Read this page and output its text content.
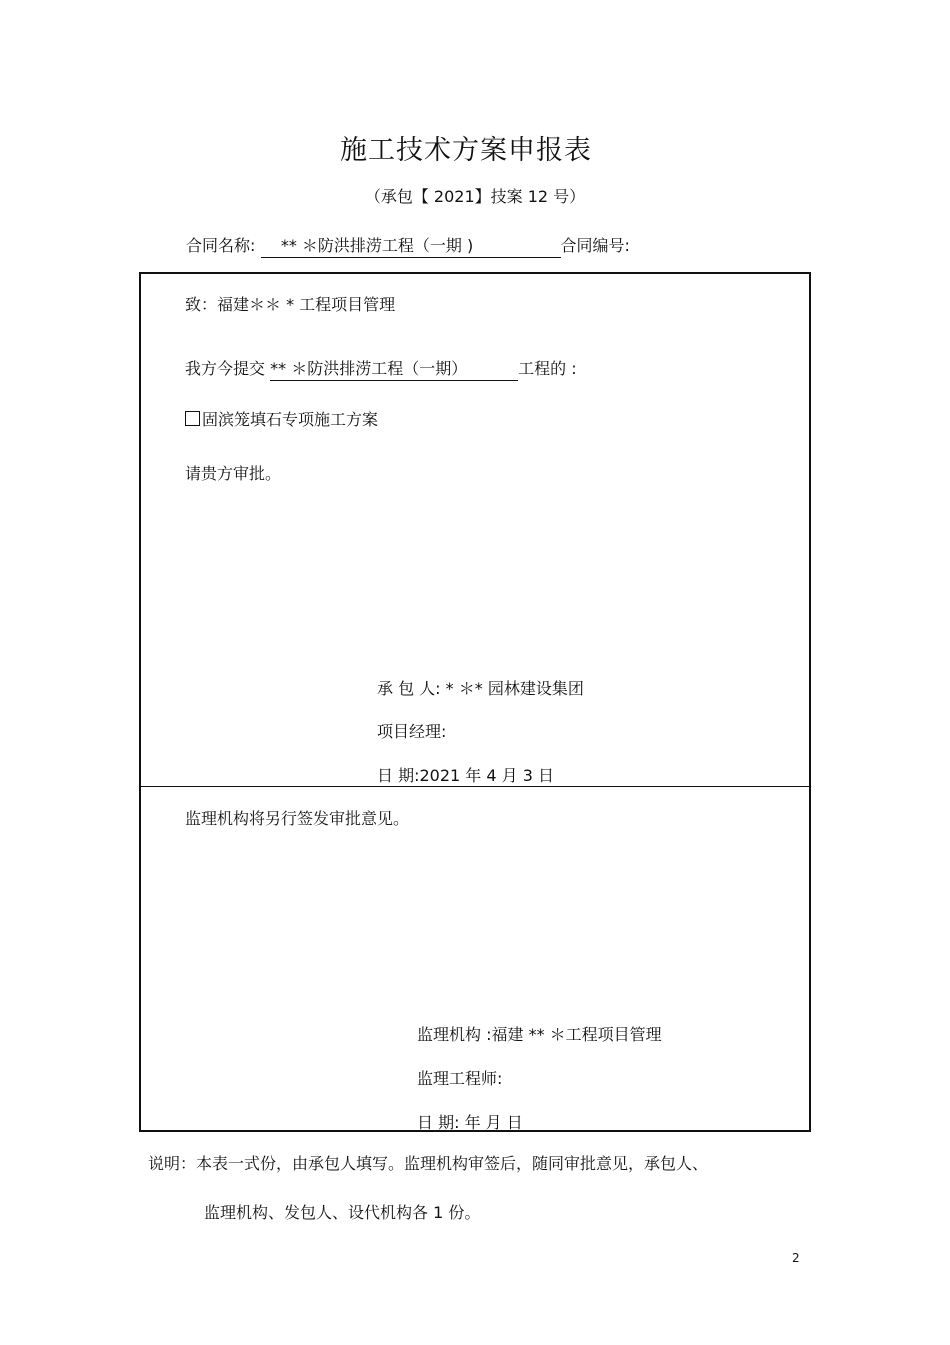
施工技术方案申报表
（承包【 2021】技案 12 号）
合同名称: ** ＊防洪排涝工程（一期 )	合同编号:
致：福建＊＊ * 工程项目管理
我方今提交 ** ＊防洪排涝工程（一期）	工程的 :
固滨笼填石专项施工方案
请贵方审批。
承 包 人: * ＊* 园林建设集团
项目经理:
日 期:2021 年 4 月 3 日
监理机构将另行签发审批意见。
监理机构 :福建 ** ＊工程项目管理
监理工程师:
日 期: 年 月 日
说明：本表一式份，由承包人填写。监理机构审签后，随同审批意见，承包人、
监理机构、发包人、设代机构各 1 份。
2
